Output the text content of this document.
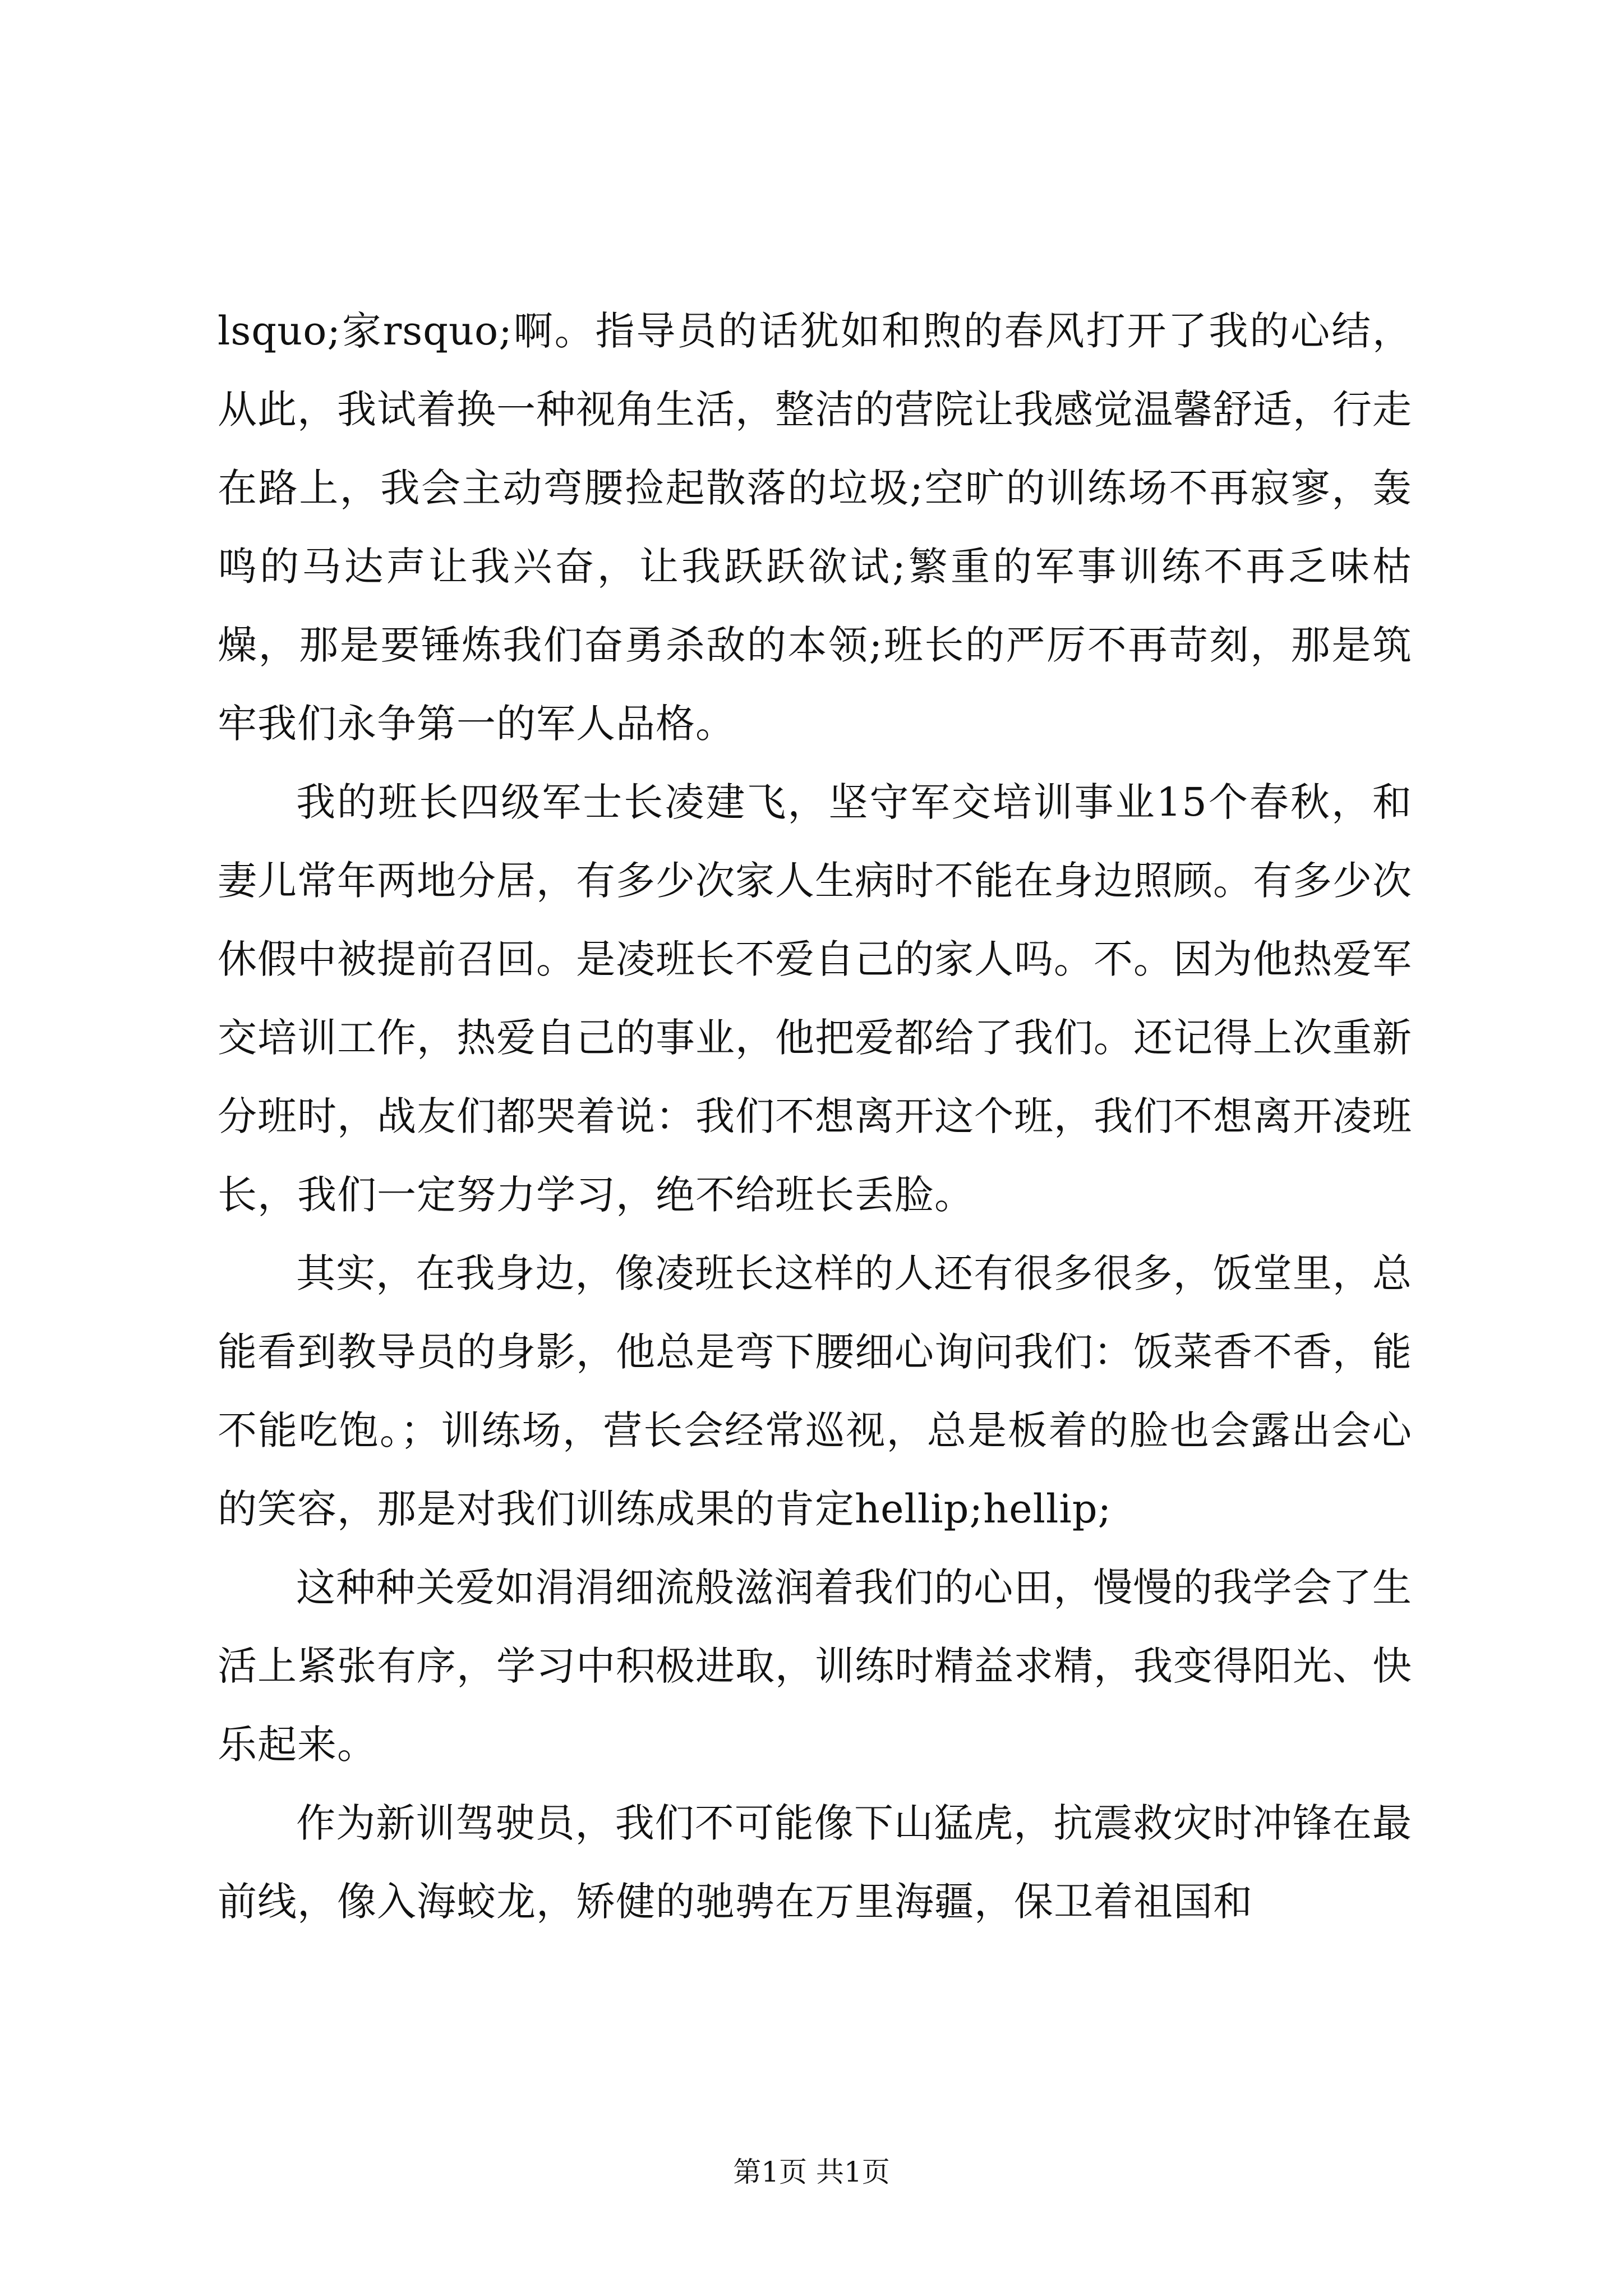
lsquo;家rsquo;啊。指导员的话犹如和煦的春风打开了我的心结，从此，我试着换一种视角生活，整洁的营院让我感觉温馨舒适，行走在路上，我会主动弯腰捡起散落的垃圾;空旷的训练场不再寂寥，轰鸣的马达声让我兴奋，让我跃跃欲试;繁重的军事训练不再乏味枯燥，那是要锤炼我们奋勇杀敌的本领;班长的严厉不再苛刻，那是筑牢我们永争第一的军人品格。

我的班长四级军士长凌建飞，坚守军交培训事业15个春秋，和妻儿常年两地分居，有多少次家人生病时不能在身边照顾。有多少次休假中被提前召回。是凌班长不爱自己的家人吗。不。因为他热爱军交培训工作，热爱自己的事业，他把爱都给了我们。还记得上次重新分班时，战友们都哭着说：我们不想离开这个班，我们不想离开凌班长，我们一定努力学习，绝不给班长丢脸。

其实，在我身边，像凌班长这样的人还有很多很多，饭堂里，总能看到教导员的身影，他总是弯下腰细心询问我们：饭菜香不香，能不能吃饱。；训练场，营长会经常巡视，总是板着的脸也会露出会心的笑容，那是对我们训练成果的肯定hellip;hellip;

这种种关爱如涓涓细流般滋润着我们的心田，慢慢的我学会了生活上紧张有序，学习中积极进取，训练时精益求精，我变得阳光、快乐起来。

作为新训驾驶员，我们不可能像下山猛虎，抗震救灾时冲锋在最前线，像入海蛟龙，矫健的驰骋在万里海疆，保卫着祖国和

第1页 共1页
